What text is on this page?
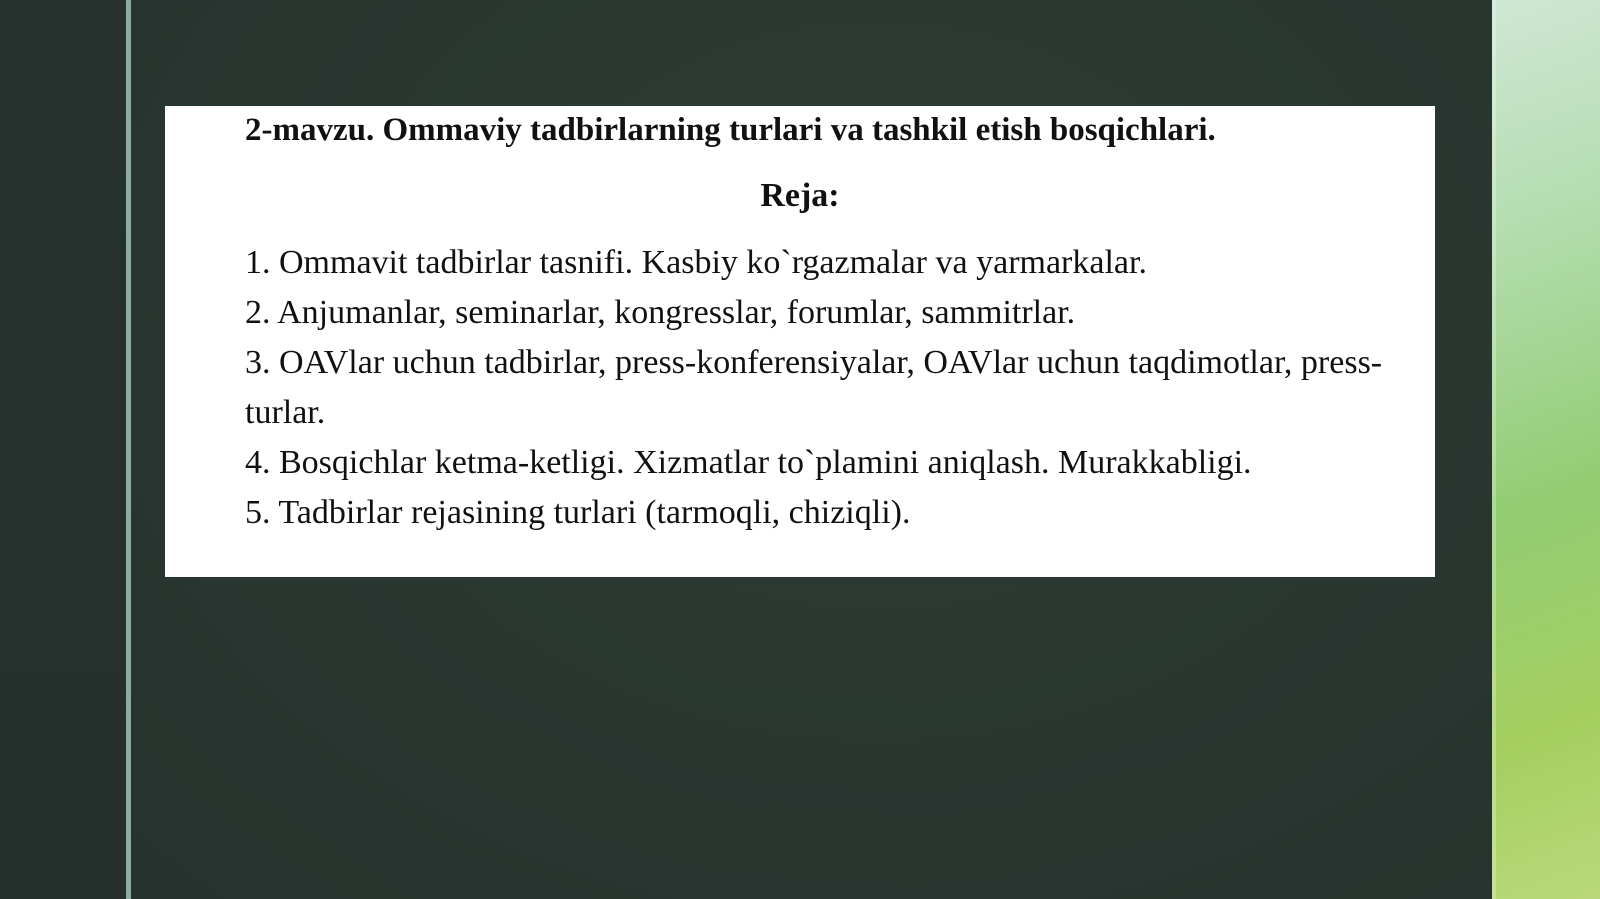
2-mavzu. Ommaviy tadbirlarning turlari va tashkil etish bosqichlari.

Reja:

1. Ommavit tadbirlar tasnifi. Kasbiy ko`rgazmalar va yarmarkalar.
2. Anjumanlar, seminarlar, kongresslar, forumlar, sammitrlar.
3. OAVlar uchun tadbirlar, press-konferensiyalar, OAVlar uchun taqdimotlar, press-turlar.
4. Bosqichlar ketma-ketligi. Xizmatlar to`plamini aniqlash. Murakkabligi.
5. Tadbirlar rejasining turlari (tarmoqli, chiziqli).
